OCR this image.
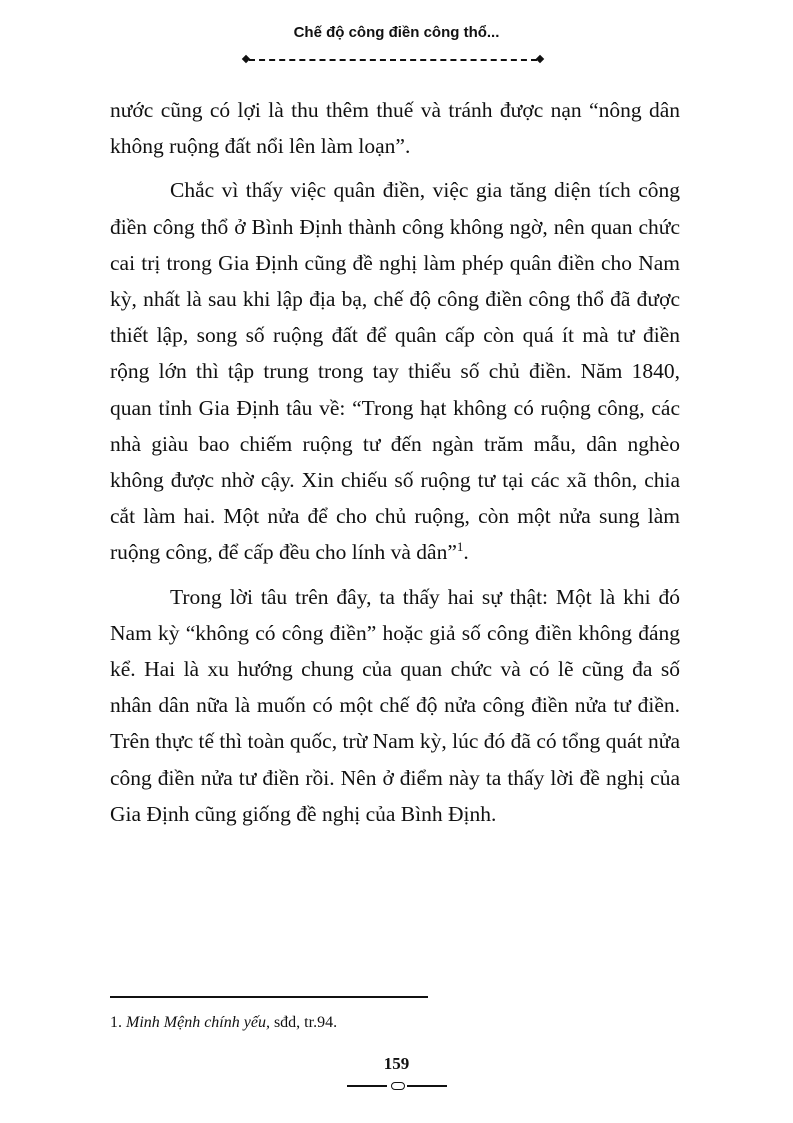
Chế độ công điền công thổ...

nước cũng có lợi là thu thêm thuế và tránh được nạn “nông dân không ruộng đất nổi lên làm loạn”.

Chắc vì thấy việc quân điền, việc gia tăng diện tích công điền công thổ ở Bình Định thành công không ngờ, nên quan chức cai trị trong Gia Định cũng đề nghị làm phép quân điền cho Nam kỳ, nhất là sau khi lập địa bạ, chế độ công điền công thổ đã được thiết lập, song số ruộng đất để quân cấp còn quá ít mà tư điền rộng lớn thì tập trung trong tay thiểu số chủ điền. Năm 1840, quan tỉnh Gia Định tâu về: “Trong hạt không có ruộng công, các nhà giàu bao chiếm ruộng tư đến ngàn trăm mẫu, dân nghèo không được nhờ cậy. Xin chiếu số ruộng tư tại các xã thôn, chia cắt làm hai. Một nửa để cho chủ ruộng, còn một nửa sung làm ruộng công, để cấp đều cho lính và dân”$^1$.

Trong lời tâu trên đây, ta thấy hai sự thật: Một là khi đó Nam kỳ “không có công điền” hoặc giả số công điền không đáng kể. Hai là xu hướng chung của quan chức và có lẽ cũng đa số nhân dân nữa là muốn có một chế độ nửa công điền nửa tư điền. Trên thực tế thì toàn quốc, trừ Nam kỳ, lúc đó đã có tổng quát nửa công điền nửa tư điền rồi. Nên ở điểm này ta thấy lời đề nghị của Gia Định cũng giống đề nghị của Bình Định.

1. Minh Mệnh chính yếu, sđd, tr.94.
159
